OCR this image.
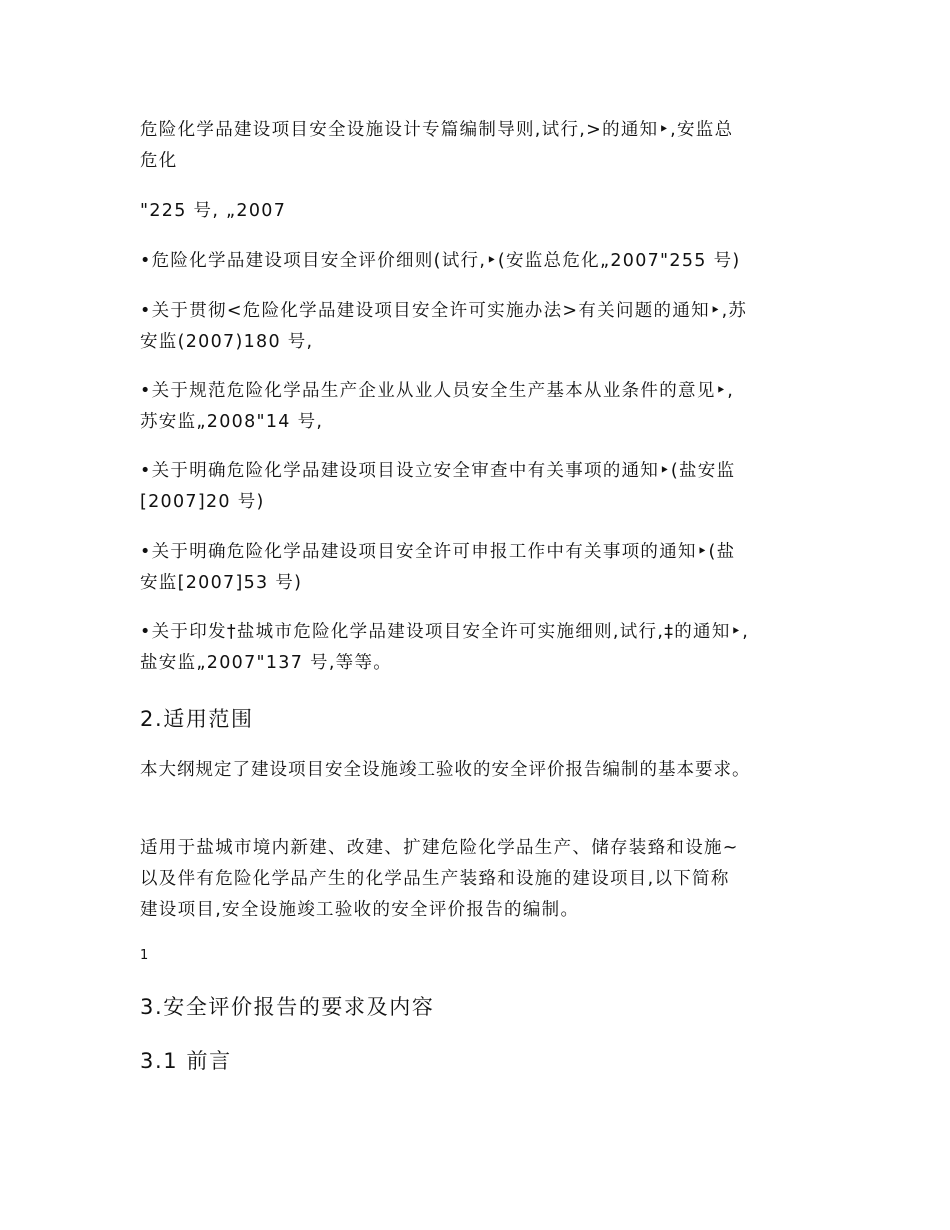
危险化学品建设项目安全设施设计专篇编制导则,试行,>的通知‣,安监总
危化
"225 号, „2007
•危险化学品建设项目安全评价细则(试行,‣(安监总危化„2007"255 号)
•关于贯彻<危险化学品建设项目安全许可实施办法>有关问题的通知‣,苏
安监(2007)180 号,
•关于规范危险化学品生产企业从业人员安全生产基本从业条件的意见‣,
苏安监„2008"14 号,
•关于明确危险化学品建设项目设立安全审查中有关事项的通知‣(盐安监
[2007]20 号)
•关于明确危险化学品建设项目安全许可申报工作中有关事项的通知‣(盐
安监[2007]53 号)
•关于印发†盐城市危险化学品建设项目安全许可实施细则,试行,‡的通知‣,
盐安监„2007"137 号,等等。
2.适用范围
本大纲规定了建设项目安全设施竣工验收的安全评价报告编制的基本要求。
适用于盐城市境内新建、改建、扩建危险化学品生产、储存装臵和设施~
以及伴有危险化学品产生的化学品生产装臵和设施的建设项目,以下简称
建设项目,安全设施竣工验收的安全评价报告的编制。
1
3.安全评价报告的要求及内容
3.1 前言
